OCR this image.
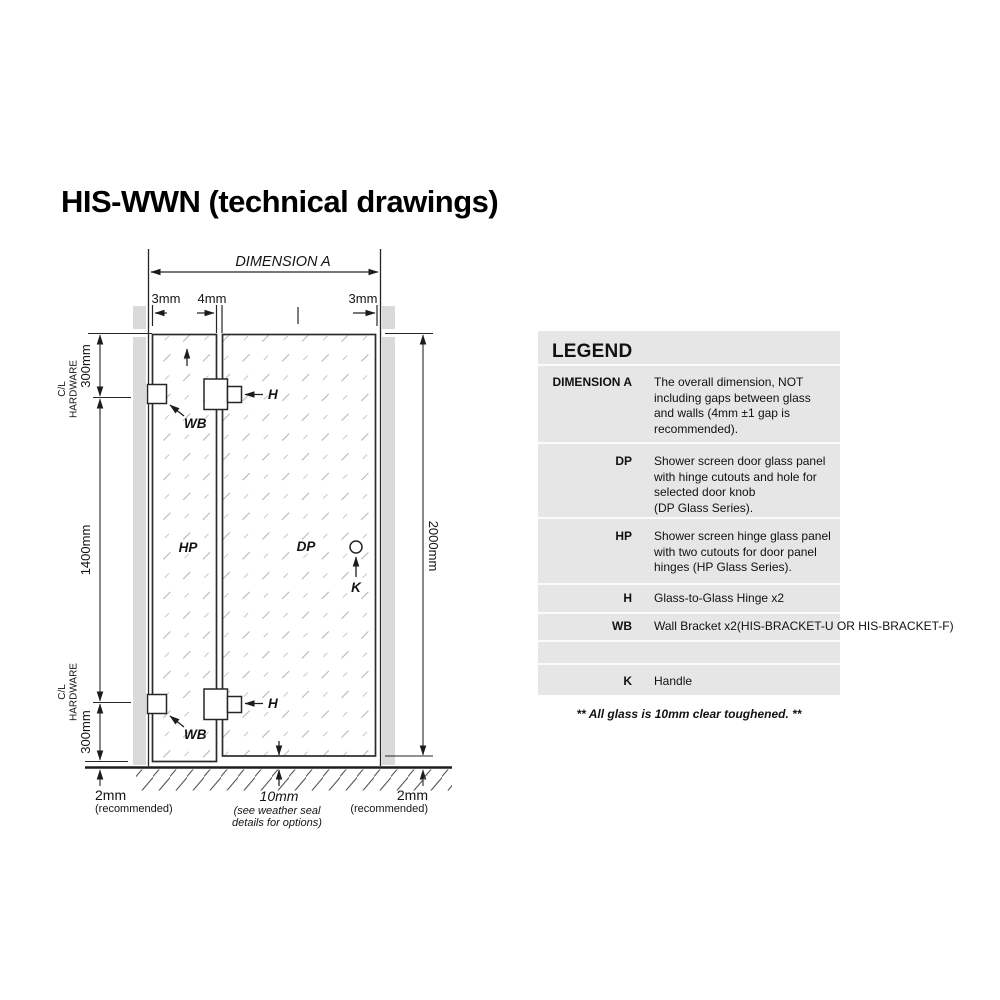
HIS-WWN (technical drawings)
DIMENSION A
3mm 4mm	3mm
H
H
WB
WB
HP	DP
K
300mm
1400mm
300mm
C/L HARDWARE
C/L HARDWARE
2000mm
2mm
(recommended)
10mm
(see weather seal
details for options)
2mm
(recommended)
LEGEND
DIMENSION A The overall dimension, NOT
including gaps between glass
and walls (4mm ±1 gap is
recommended).
DP Shower screen door glass panel
with hinge cutouts and hole for
selected door knob
(DP Glass Series).
HP Shower screen hinge glass panel
with two cutouts for door panel
hinges (HP Glass Series).
H Glass-to-Glass Hinge x2
WB Wall Bracket x2(HIS-BRACKET-U OR HIS-BRACKET-F)
K Handle
** All glass is 10mm clear toughened. **
